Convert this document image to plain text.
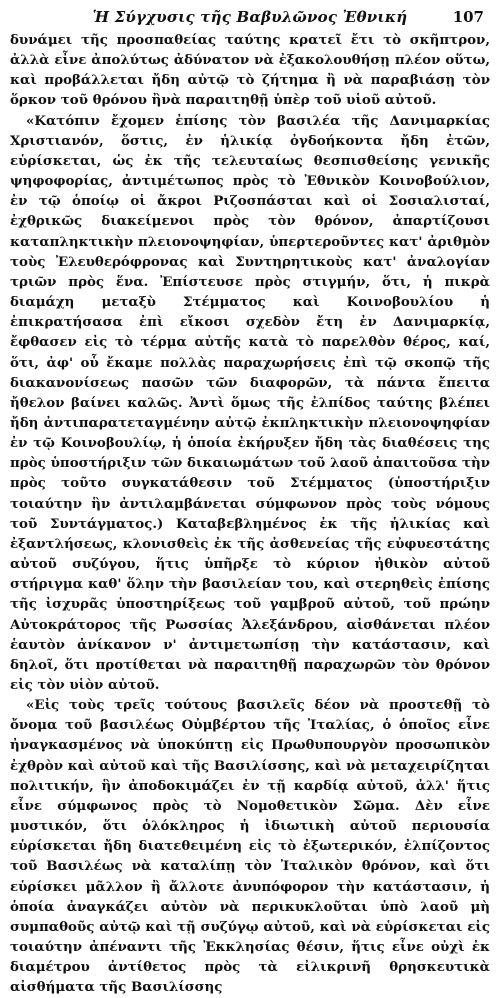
Ἡ Σύγχυσις τῆς Βαβυλῶνος Ἐθνική	107

δυνάμει τῆς προσπαθείας ταύτης κρατεῖ ἔτι τὸ σκῆπτρον, ἀλλὰ εἶνε ἀπολύτως ἀδύνατον νὰ ἐξακολουθήσῃ πλέον οὕτω, καὶ προβάλλεται ἤδη αὐτῷ τὸ ζήτημα ἢ νὰ παραβιάσῃ τὸν ὅρκον τοῦ θρόνου ἢνὰ παραιτηθῇ ὑπὲρ τοῦ υἱοῦ αὐτοῦ.

«Κατόπιν ἔχομεν ἐπίσης τὸν βασιλέα τῆς Δανιμαρκίας Χριστιανόν, ὅστις, ἐν ἡλικίᾳ ὀγδοήκοντα ἤδη ἐτῶν, εὑρίσκεται, ὡς ἐκ τῆς τελευταίως θεσπισθείσης γενικῆς ψηφοφορίας, ἀντιμέτωπος πρὸς τὸ Ἐθνικὸν Κοινοβούλιον, ἐν τῷ ὁποίῳ οἱ ἄκροι Ριζοσπάσται καὶ οἱ Σοσιαλισταί, ἐχθρικῶς διακείμενοι πρὸς τὸν θρόνον, ἀπαρτίζουσι καταπληκτικὴν πλειονοψηφίαν, ὑπερτεροῦντες κατ' ἀριθμὸν τοὺς Ἐλευθερόφρονας καὶ Συντηρητικοὺς κατ' ἀναλογίαν τριῶν πρὸς ἕνα. Ἐπίστευσε πρὸς στιγμήν, ὅτι, ἡ πικρὰ διαμάχη μεταξὺ Στέμματος καὶ Κοινοβουλίου ἡ ἐπικρατήσασα ἐπὶ εἴκοσι σχεδὸν ἔτη ἐν Δανιμαρκίᾳ, ἔφθασεν εἰς τὸ τέρμα αὐτῆς κατὰ τὸ παρελθὸν θέρος, καί, ὅτι, ἀφ' οὗ ἔκαμε πολλὰς παραχωρήσεις ἐπὶ τῷ σκοπῷ τῆς διακανονίσεως πασῶν τῶν διαφορῶν, τὰ πάντα ἔπειτα ἤθελον βαίνει καλῶς. Ἀντὶ ὅμως τῆς ἐλπίδος ταύτης βλέπει ἤδη ἀντιπαρατεταγμένην αὐτῷ ἐκπληκτικὴν πλειονοψηφίαν ἐν τῷ Κοινοβουλίῳ, ἡ ὁποία ἐκήρυξεν ἤδη τὰς διαθέσεις της πρὸς ὑποστήριξιν τῶν δικαιωμάτων τοῦ λαοῦ ἀπαιτοῦσα τὴν πρὸς τοῦτο συγκατάθεσιν τοῦ Στέμματος (ὑποστήριξιν τοιαύτην ἣν ἀντιλαμβάνεται σύμφωνον πρὸς τοὺς νόμους τοῦ Συντάγματος.) Καταβεβλημένος ἐκ τῆς ἡλικίας καὶ ἐξαντλήσεως, κλονισθεὶς ἐκ τῆς ἀσθενείας τῆς εὐφυεστάτης αὐτοῦ συζύγου, ἥτις ὑπῆρξε τὸ κύριον ἠθικὸν αὐτοῦ στήριγμα καθ' ὅλην τὴν βασιλείαν του, καὶ στερηθεὶς ἐπίσης τῆς ἰσχυρᾶς ὑποστηρίξεως τοῦ γαμβροῦ αὐτοῦ, τοῦ πρώην Αὐτοκράτορος τῆς Ρωσσίας Ἀλεξάνδρου, αἰσθάνεται πλέον ἑαυτὸν ἀνίκανον ν' ἀντιμετωπίσῃ τὴν κατάστασιν, καὶ δηλοῖ, ὅτι προτίθεται νὰ παραιτηθῇ παραχωρῶν τὸν θρόνον εἰς τὸν υἱὸν αὐτοῦ.

«Εἰς τοὺς τρεῖς τούτους βασιλεῖς δέον νὰ προστεθῇ τὸ ὄνομα τοῦ βασιλέως Οὐμβέρτου τῆς Ἰταλίας, ὁ ὁποῖος εἶνε ἠναγκασμένος νὰ ὑποκύπτῃ εἰς Πρωθυπουργὸν προσωπικὸν ἐχθρὸν καὶ αὐτοῦ καὶ τῆς Βασιλίσσης, καὶ νὰ μεταχειρίζηται πολιτικήν, ἣν ἀποδοκιμάζει ἐν τῇ καρδίᾳ αὐτοῦ, ἀλλ' ἥτις εἶνε σύμφωνος πρὸς τὸ Νομοθετικὸν Σῶμα. Δὲν εἶνε μυστικόν, ὅτι ὁλόκληρος ἡ ἰδιωτικὴ αὐτοῦ περιουσία εὑρίσκεται ἤδη διατεθειμένη εἰς τὸ ἐξωτερικόν, ἐλπίζοντος τοῦ Βασιλέως νὰ καταλίπῃ τὸν Ἰταλικὸν θρόνον, καὶ ὅτι εὑρίσκει μᾶλλον ἢ ἄλλοτε ἀνυπόφορον τὴν κατάστασιν, ἡ ὁποία ἀναγκάζει αὐτὸν νὰ περικυκλοῦται ὑπὸ λαοῦ μὴ συμπαθοῦς αὐτῷ καὶ τῇ συζύγῳ αὐτοῦ, καὶ νὰ εὑρίσκεται εἰς τοιαύτην ἀπέναντι τῆς Ἐκκλησίας θέσιν, ἥτις εἶνε οὐχὶ ἐκ διαμέτρου ἀντίθετος πρὸς τὰ εἰλικρινῆ θρησκευτικὰ αἰσθήματα τῆς Βασιλίσσης
